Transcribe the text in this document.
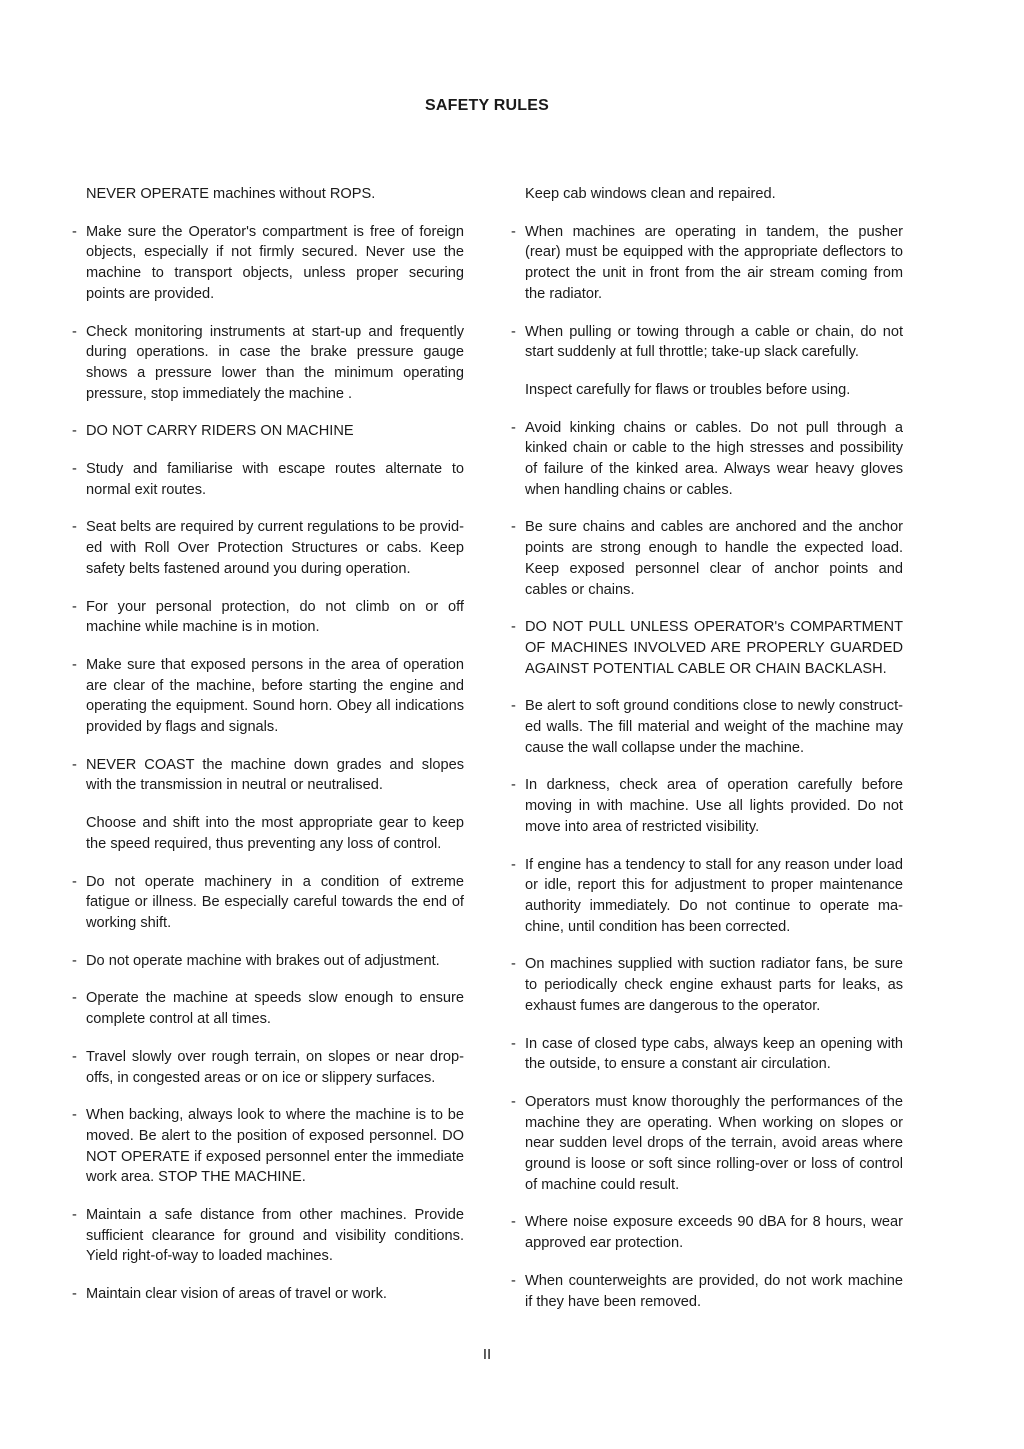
SAFETY RULES
NEVER OPERATE machines without ROPS.
- Make sure the Operator's compartment is free of foreign objects, especially if not firmly secured. Never use the machine to transport objects, unless proper securing points are provided.
- Check monitoring instruments at start-up and frequently during operations. in case the brake pressure gauge shows a pressure lower than the minimum operating pressure, stop immediately the machine .
- DO NOT CARRY RIDERS ON MACHINE
- Study and familiarise with escape routes alternate to normal exit routes.
- Seat belts are required by current regulations to be provid-ed with Roll Over Protection Structures or cabs. Keep safety belts fastened around you during operation.
- For your personal protection, do not climb on or off machine while machine is in motion.
- Make sure that exposed persons in the area of operation are clear of the machine, before starting the engine and operating the equipment. Sound horn. Obey all indications provided by flags and signals.
- NEVER COAST the machine down grades and slopes with the transmission in neutral or neutralised.
Choose and shift into the most appropriate gear to keep the speed required, thus preventing any loss of control.
- Do not operate machinery in a condition of extreme fatigue or illness. Be especially careful towards the end of working shift.
- Do not operate machine with brakes out of adjustment.
- Operate the machine at speeds slow enough to ensure complete control at all times.
- Travel slowly over rough terrain, on slopes or near drop-offs, in congested areas or on ice or slippery surfaces.
- When backing, always look to where the machine is to be moved. Be alert to the position of exposed personnel. DO NOT OPERATE if exposed personnel enter the immediate work area. STOP THE MACHINE.
- Maintain a safe distance from other machines. Provide sufficient clearance for ground and visibility conditions. Yield right-of-way to loaded machines.
- Maintain clear vision of areas of travel or work.
Keep cab windows clean and repaired.
- When machines are operating in tandem, the pusher (rear) must be equipped with the appropriate deflectors to protect the unit in front from the air stream coming from the radiator.
- When pulling or towing through a cable or chain, do not start suddenly at full throttle; take-up slack carefully.
Inspect carefully for flaws or troubles before using.
- Avoid kinking chains or cables. Do not pull through a kinked chain or cable to the high stresses and possibility of failure of the kinked area. Always wear heavy gloves when handling chains or cables.
- Be sure chains and cables are anchored and the anchor points are strong enough to handle the expected load. Keep exposed personnel clear of anchor points and cables or chains.
- DO NOT PULL UNLESS OPERATOR's COMPARTMENT OF MACHINES INVOLVED ARE PROPERLY GUARDED AGAINST POTENTIAL CABLE OR CHAIN BACKLASH.
- Be alert to soft ground conditions close to newly construct-ed walls. The fill material and weight of the machine may cause the wall collapse under the machine.
- In darkness, check area of operation carefully before moving in with machine. Use all lights provided. Do not move into area of restricted visibility.
- If engine has a tendency to stall for any reason under load or idle, report this for adjustment to proper maintenance authority immediately. Do not continue to operate ma-chine, until condition has been corrected.
- On machines supplied with suction radiator fans, be sure to periodically check engine exhaust parts for leaks, as exhaust fumes are dangerous to the operator.
- In case of closed type cabs, always keep an opening with the outside, to ensure a constant air circulation.
- Operators must know thoroughly the performances of the machine they are operating. When working on slopes or near sudden level drops of the terrain, avoid areas where ground is loose or soft since rolling-over or loss of control of machine could result.
- Where noise exposure exceeds 90 dBA for 8 hours, wear approved ear protection.
- When counterweights are provided, do not work machine if they have been removed.
II
